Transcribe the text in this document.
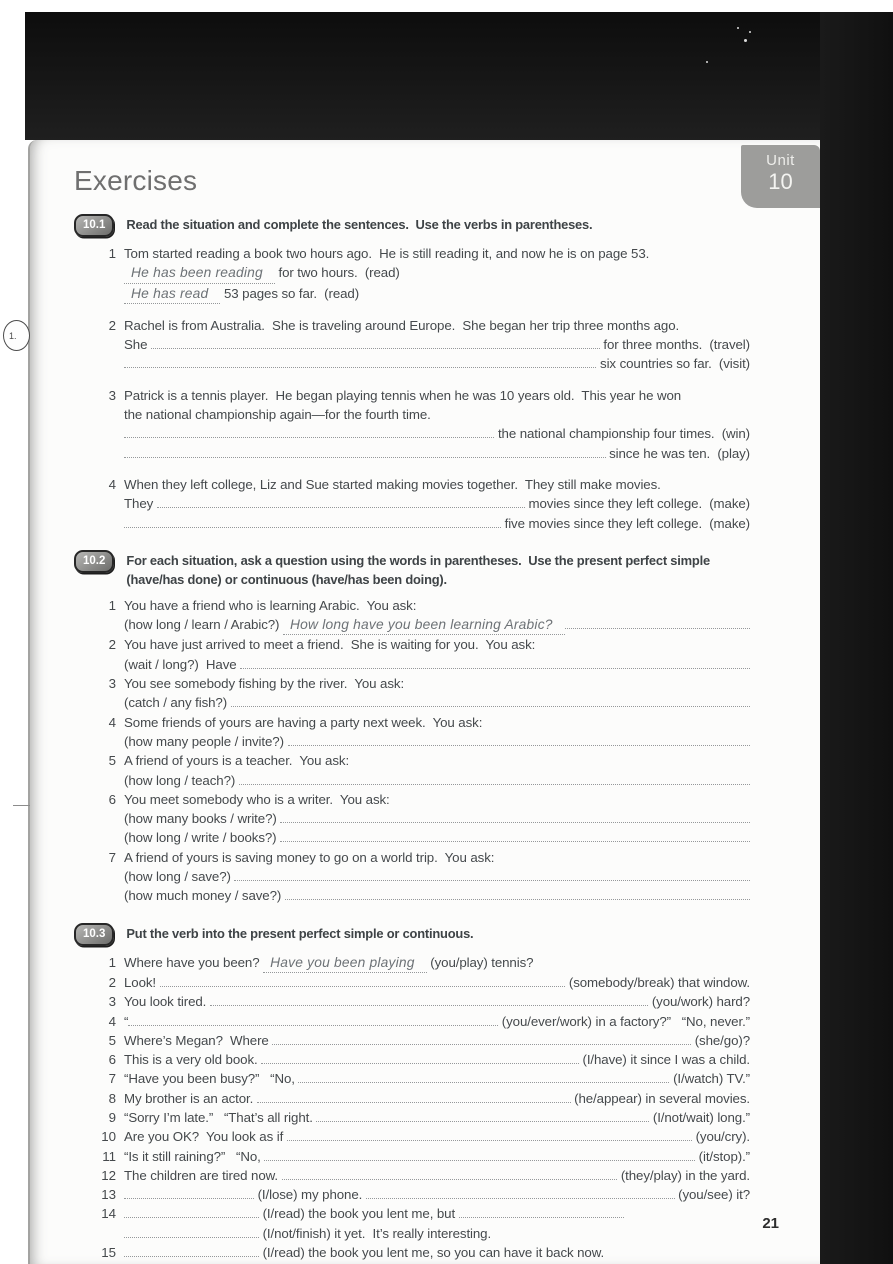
1.
Unit
10
Exercises
10.1	Read the situation and complete the sentences.  Use the verbs in parentheses.
1 Tom started reading a book two hours ago.  He is still reading it, and now he is on page 53.
He has been reading for two hours.  (read)
He has read 53 pages so far.  (read)
2 Rachel is from Australia.  She is traveling around Europe.  She began her trip three months ago.
She	for three months.  (travel)
six countries so far.  (visit)
3 Patrick is a tennis player.  He began playing tennis when he was 10 years old.  This year he won
the national championship again—for the fourth time.
the national championship four times.  (win)
since he was ten.  (play)
4 When they left college, Liz and Sue started making movies together.  They still make movies.
They	movies since they left college.  (make)
five movies since they left college.  (make)
10.2	For each situation, ask a question using the words in parentheses.  Use the present perfect simple
(have/has done) or continuous (have/has been doing).
1 You have a friend who is learning Arabic.  You ask:
(how long / learn / Arabic?) How long have you been learning Arabic?
2 You have just arrived to meet a friend.  She is waiting for you.  You ask:
(wait / long?)  Have
3 You see somebody fishing by the river.  You ask:
(catch / any fish?)
4 Some friends of yours are having a party next week.  You ask:
(how many people / invite?)
5 A friend of yours is a teacher.  You ask:
(how long / teach?)
6 You meet somebody who is a writer.  You ask:
(how many books / write?)
(how long / write / books?)
7 A friend of yours is saving money to go on a world trip.  You ask:
(how long / save?)
(how much money / save?)
10.3	Put the verb into the present perfect simple or continuous.
1 Where have you been? Have you been playing (you/play) tennis?
2 Look!	(somebody/break) that window.
3 You look tired.	(you/work) hard?
4 “	(you/ever/work) in a factory?”   “No, never.”
5 Where’s Megan?  Where	(she/go)?
6 This is a very old book.	(I/have) it since I was a child.
7 “Have you been busy?”   “No,	(I/watch) TV.”
8 My brother is an actor.	(he/appear) in several movies.
9 “Sorry I’m late.”   “That’s all right.	(I/not/wait) long.”
10 Are you OK?  You look as if	(you/cry).
11 “Is it still raining?”   “No,	(it/stop).”
12 The children are tired now.	(they/play) in the yard.
13	(I/lose) my phone.	(you/see) it?
14	(I/read) the book you lent me, but
(I/not/finish) it yet.  It’s really interesting.
15	(I/read) the book you lent me, so you can have it back now.
21
